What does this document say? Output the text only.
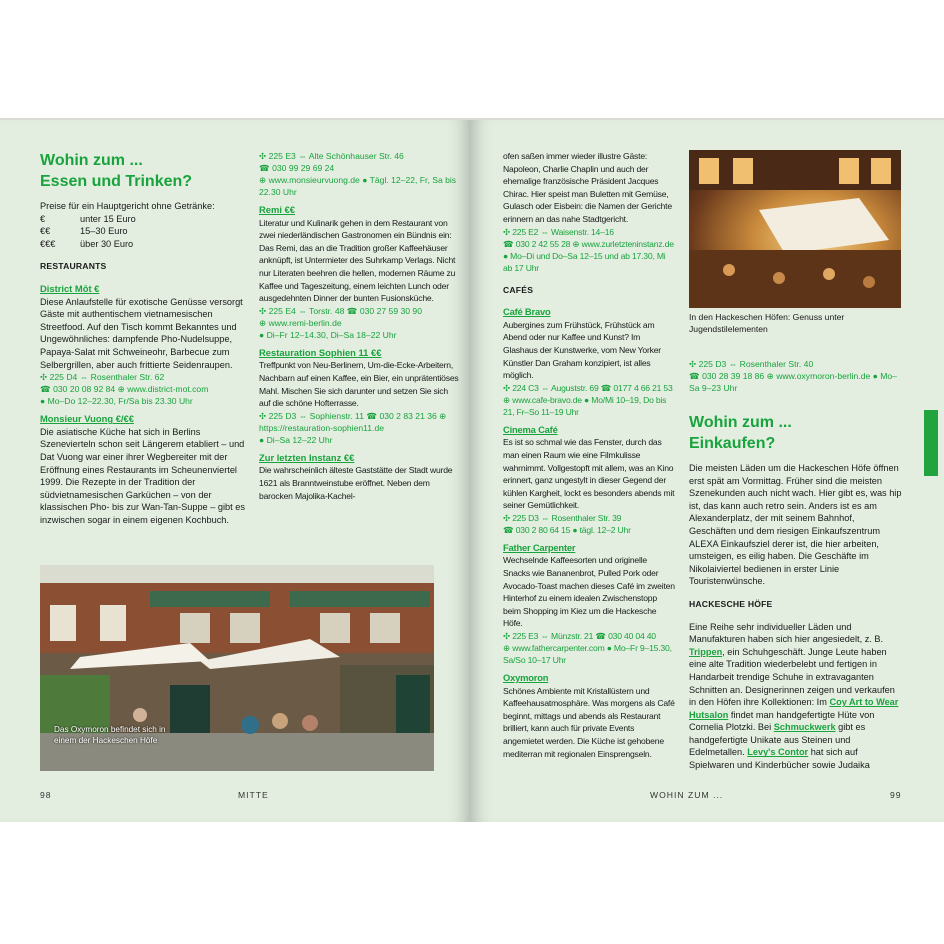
Wohin zum ...
Essen und Trinken?

Preise für ein Hauptgericht ohne Getränke:

€	unter 15 Euro
€€	15–30 Euro
€€€	über 30 Euro
RESTAURANTS
District Mōt €

Diese Anlaufstelle für exotische Genüsse versorgt Gäste mit authentischem vietnamesischen Streetfood. Auf den Tisch kommt Bekanntes und Ungewöhnliches: dampfende Pho-Nudelsuppe, Papaya-Salat mit Schweineohr, Barbecue zum Selbergrillen, aber auch frittierte Seidenraupen.

✣ 225 D4 ⇔ Rosenthaler Str. 62
☎ 030 20 08 92 84 ⊕ www.district-mot.com
● Mo–Do 12–22.30, Fr/Sa bis 23.30 Uhr
Monsieur Vuong €/€€

Die asiatische Küche hat sich in Berlins Szenevierteln schon seit Längerem etabliert – und Dat Vuong war einer ihrer Wegbereiter mit der Eröffnung eines Restaurants im Scheunenviertel 1999. Die Rezepte in der Tradition der südvietnamesischen Garküchen – von der klassischen Pho- bis zur Wan-Tan-Suppe – gibt es inzwischen sogar in einem eigenen Kochbuch.

✣ 225 E3 ⇔ Alte Schönhauser Str. 46
☎ 030 99 29 69 24
⊕ www.monsieurvuong.de ● Tägl. 12–22, Fr, Sa bis 22.30 Uhr
Remi €€

Literatur und Kulinarik gehen in dem Restaurant von zwei niederländischen Gastronomen ein Bündnis ein: Das Remi, das an die Tradition großer Kaffeehäuser anknüpft, ist Untermieter des Suhrkamp Verlags. Nicht nur Literaten beehren die hellen, modernen Räume zu Kaffee und Tageszeitung, einem leichten Lunch oder ausgedehnten Dinner der bunten Fusionsküche.

✣ 225 E4 ⇔ Torstr. 48 ☎ 030 27 59 30 90
⊕ www.remi-berlin.de
● Di–Fr 12–14.30, Di–Sa 18–22 Uhr
Restauration Sophien 11 €€

Treffpunkt von Neu-Berlinern, Um-die-Ecke-Arbeitern, Nachbarn auf einen Kaffee, ein Bier, ein unprätentiöses Mahl. Mischen Sie sich darunter und setzen Sie sich auf die schöne Hofterrasse.

✣ 225 D3 ⇔ Sophienstr. 11 ☎ 030 2 83 21 36 ⊕ https://restauration-sophien11.de
● Di–Sa 12–22 Uhr
Zur letzten Instanz €€

Die wahrscheinlich älteste Gaststätte der Stadt wurde 1621 als Branntweinstube eröffnet. Neben dem barocken Majolika-Kachel-

Das Oxymoron befindet sich in einem der Hackeschen Höfe
98	MITTE

ofen saßen immer wieder illustre Gäste: Napoleon, Charlie Chaplin und auch der ehemalige französische Präsident Jacques Chirac. Hier speist man Buletten mit Gemüse, Gulasch oder Eisbein: die Namen der Gerichte erinnern an das nahe Stadtgericht.

✣ 225 E2 ⇔ Waisenstr. 14–16
☎ 030 2 42 55 28 ⊕ www.zurletzteninstanz.de ● Mo–Di und Do–Sa 12–15 und ab 17.30, Mi ab 17 Uhr
CAFÉS
Café Bravo

Aubergines zum Frühstück, Frühstück am Abend oder nur Kaffee und Kunst? Im Glashaus der Kunstwerke, vom New Yorker Künstler Dan Graham konzipiert, ist alles möglich.

✣ 224 C3 ⇔ Auguststr. 69 ☎ 0177 4 66 21 53
⊕ www.cafe-bravo.de ● Mo/Mi 10–19, Do bis 21, Fr–So 11–19 Uhr
Cinema Café

Es ist so schmal wie das Fenster, durch das man einen Raum wie eine Filmkulisse wahrnimmt. Vollgestopft mit allem, was an Kino erinnert, ganz ungestylt in dieser Gegend der kühlen Kargheit, lockt es besonders abends mit seiner Gemütlichkeit.

✣ 225 D3 ⇔ Rosenthaler Str. 39
☎ 030 2 80 64 15 ● tägl. 12–2 Uhr
Father Carpenter

Wechselnde Kaffeesorten und originelle Snacks wie Bananenbrot, Pulled Pork oder Avocado-Toast machen dieses Café im zweiten Hinterhof zu einem idealen Zwischenstopp beim Shopping im Kiez um die Hackesche Höfe.

✣ 225 E3 ⇔ Münzstr. 21 ☎ 030 40 04 40
⊕ www.fathercarpenter.com ● Mo–Fr 9–15.30, Sa/So 10–17 Uhr
Oxymoron

Schönes Ambiente mit Kristallüstern und Kaffeehausatmosphäre. Was morgens als Café beginnt, mittags und abends als Restaurant brilliert, kann auch für private Events angemietet werden. Die Küche ist gehobene mediterran mit regionalen Einsprengseln.

In den Hackeschen Höfen: Genuss unter Jugendstilelementen
✣ 225 D3 ⇔ Rosenthaler Str. 40
☎ 030 28 39 18 86 ⊕ www.oxymoron-berlin.de ● Mo–Sa 9–23 Uhr
Wohin zum ...
Einkaufen?

Die meisten Läden um die Hackeschen Höfe öffnen erst spät am Vormittag. Früher sind die meisten Szenekunden auch nicht wach. Hier gibt es, was hip ist, das kann auch retro sein. Anders ist es am Alexanderplatz, der mit seinem Bahnhof, Geschäften und dem riesigen Einkaufszentrum ALEXA Einkaufsziel derer ist, die hier arbeiten, umsteigen, es eilig haben. Die Geschäfte im Nikolaiviertel bedienen in erster Linie Touristenwünsche.

HACKESCHE HÖFE

Eine Reihe sehr individueller Läden und Manufakturen haben sich hier angesiedelt, z. B. Trippen, ein Schuhgeschäft. Junge Leute haben eine alte Tradition wiederbelebt und fertigen in Handarbeit trendige Schuhe in extravaganten Schnitten an. Designerinnen zeigen und verkaufen in den Höfen ihre Kollektionen: Im Coy Art to Wear Hutsalon findet man handgefertigte Hüte von Cornelia Plotzki. Bei Schmuckwerk gibt es handgefertigte Unikate aus Steinen und Edelmetallen. Levy's Contor hat sich auf Spielwaren und Kinderbücher sowie Judaika

WOHIN ZUM ...	99
